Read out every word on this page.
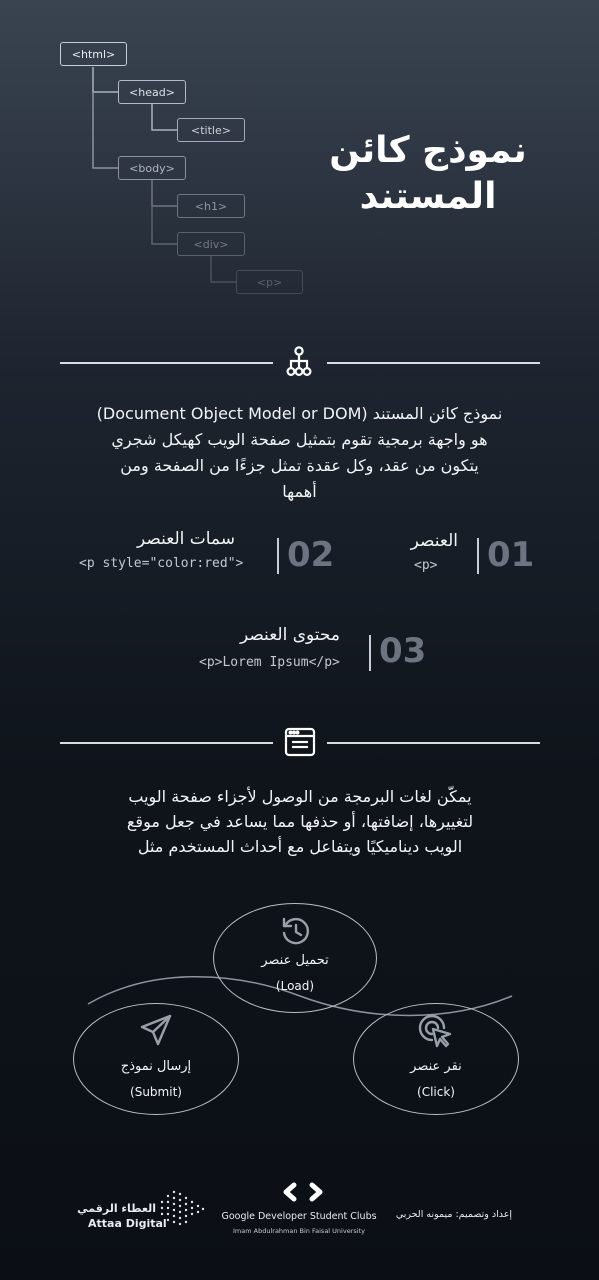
<html>
<head>
<title>
<body>
<h1>
<div>
<p>
نموذج كائن
المستند
نموذج كائن المستند (Document Object Model or DOM)
هو واجهة برمجية تقوم بتمثيل صفحة الويب كهيكل شجري
يتكون من عقد، وكل عقدة تمثل جزءًا من الصفحة ومن
أهمها
01
العنصر
<p>
02
سمات العنصر
<p style="color:red">
03
محتوى العنصر
<p>Lorem Ipsum</p>
يمكّن لغات البرمجة من الوصول لأجزاء صفحة الويب
لتغييرها، إضافتها، أو حذفها مما يساعد في جعل موقع
الويب ديناميكيًا ويتفاعل مع أحداث المستخدم مثل
تحميل عنصر
(Load)
إرسال نموذج
(Submit)
نقر عنصر
(Click)
العطاء الرقمي
Attaa Digital
Google Developer Student Clubs
Imam Abdulrahman Bin Faisal University
إعداد وتصميم: ميمونه الحربي
